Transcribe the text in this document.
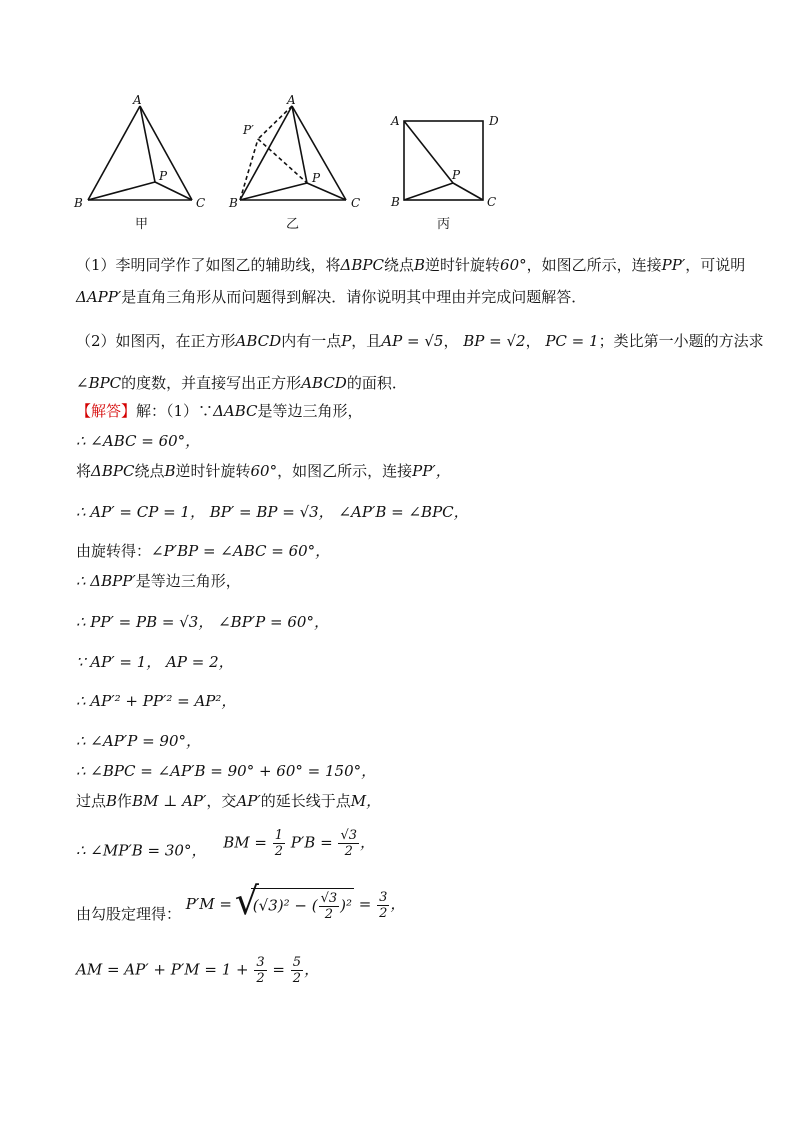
A
B	C
P
甲
A
B	C
P
P′
乙
A	D
B	C
P
丙
（1）李明同学作了如图乙的辅助线，将ΔBPC绕点B逆时针旋转60°，如图乙所示，连接PP′，可说明
ΔAPP′是直角三角形从而问题得到解决．请你说明其中理由并完成问题解答．
（2）如图丙，在正方形ABCD内有一点P，且AP = √5， BP = √2， PC = 1；类比第一小题的方法求
∠BPC的度数，并直接写出正方形ABCD的面积．
【解答】解：（1）∵ΔABC是等边三角形，
∴ ∠ABC = 60°，
将ΔBPC绕点B逆时针旋转60°，如图乙所示，连接PP′，
∴ AP′ = CP = 1， BP′ = BP = √3， ∠AP′B = ∠BPC，
由旋转得：∠P′BP = ∠ABC = 60°，
∴ ΔBPP′是等边三角形，
∴ PP′ = PB = √3， ∠BP′P = 60°，
∵ AP′ = 1， AP = 2，
∴ AP′² + PP′² = AP²，
∴ ∠AP′P = 90°，
∴ ∠BPC = ∠AP′B = 90° + 60° = 150°，
过点B作BM ⊥ AP′，交AP′的延长线于点M，
∴ ∠MP′B = 30°， BM = $\frac{1}{2} P'B = \frac{√3}{2}$ ，
由勾股定理得： P′M = √ (√3)² − ( $\frac{√3}{2} )^2 = \frac{3}{2}$ ，
AM = $AP' + P'M = 1 + \frac{3}{2} = \frac{5}{2}$ ，
